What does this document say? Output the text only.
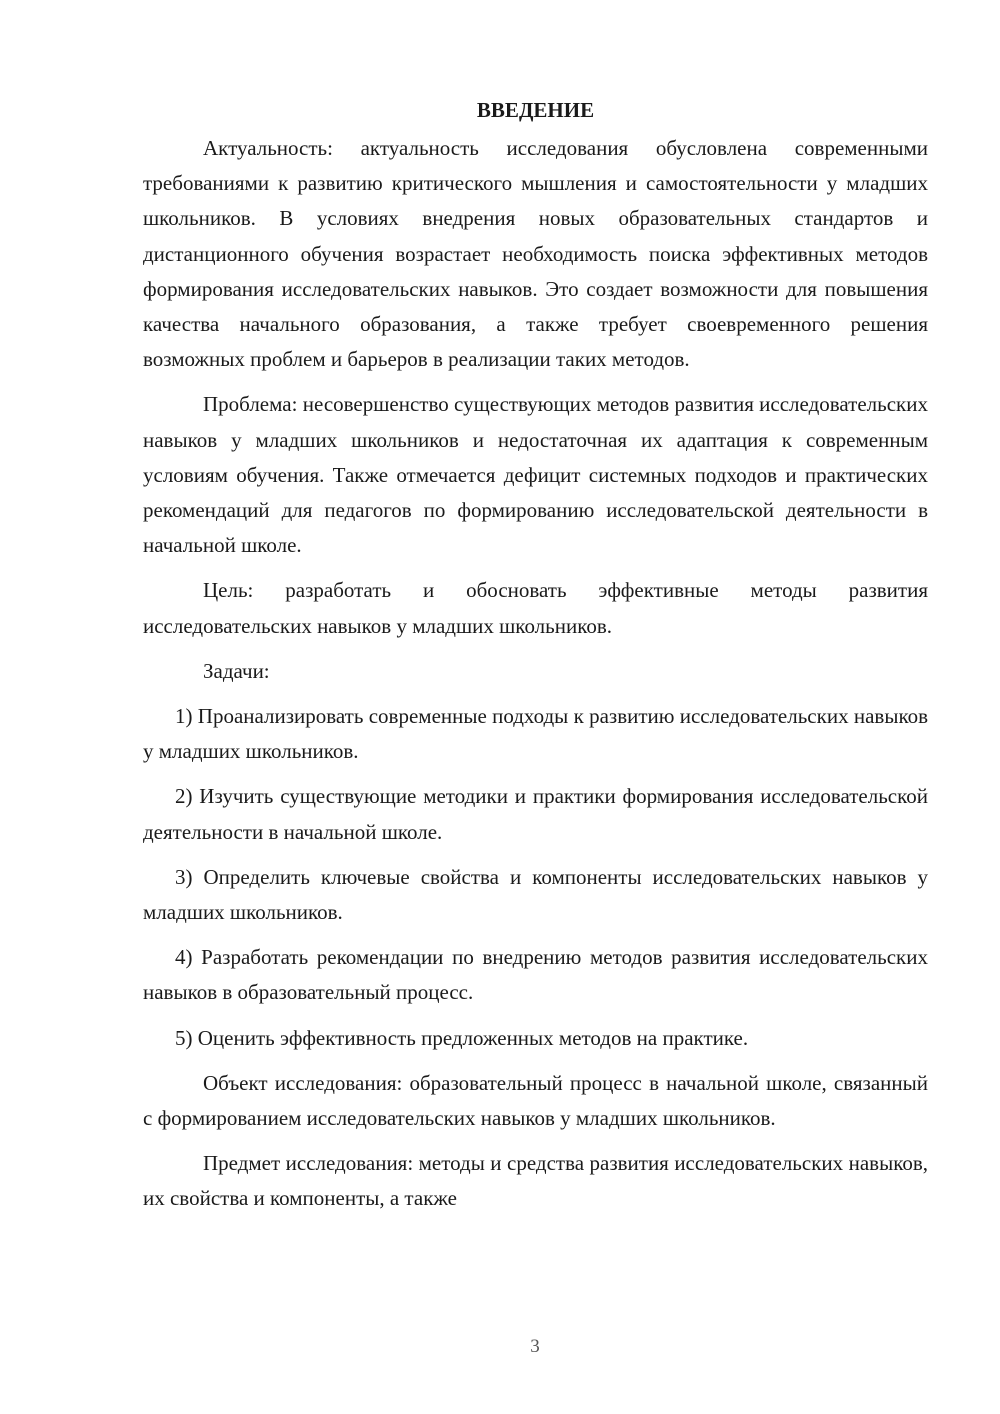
ВВЕДЕНИЕ

Актуальность: актуальность исследования обусловлена современными требованиями к развитию критического мышления и самостоятельности у младших школьников. В условиях внедрения новых образовательных стандартов и дистанционного обучения возрастает необходимость поиска эффективных методов формирования исследовательских навыков. Это создает возможности для повышения качества начального образования, а также требует своевременного решения возможных проблем и барьеров в реализации таких методов.

Проблема: несовершенство существующих методов развития исследовательских навыков у младших школьников и недостаточная их адаптация к современным условиям обучения. Также отмечается дефицит системных подходов и практических рекомендаций для педагогов по формированию исследовательской деятельности в начальной школе.

Цель: разработать и обосновать эффективные методы развития исследовательских навыков у младших школьников.

Задачи:

1) Проанализировать современные подходы к развитию исследовательских навыков у младших школьников.

2) Изучить существующие методики и практики формирования исследовательской деятельности в начальной школе.

3) Определить ключевые свойства и компоненты исследовательских навыков у младших школьников.

4) Разработать рекомендации по внедрению методов развития исследовательских навыков в образовательный процесс.

5) Оценить эффективность предложенных методов на практике.

Объект исследования: образовательный процесс в начальной школе, связанный с формированием исследовательских навыков у младших школьников.

Предмет исследования: методы и средства развития исследовательских навыков, их свойства и компоненты, а также

3
